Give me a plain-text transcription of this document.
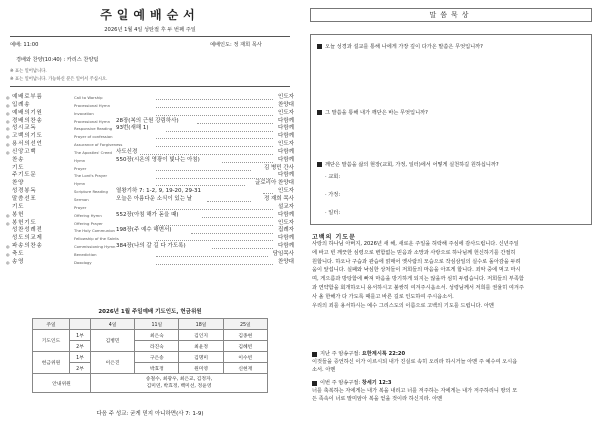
주일예배순서
2026년 1월 4일 성탄절 후 두 번째 주일
예배: 11:00	예배인도: 정 재희 목사
경배와 찬양(10:40) : 카리스 찬양팀
※ 표는 일어납니다.
※ 표는 일어납니다. 가능하신 분은 일어서 주십시오.
◎ 예배로부름	Call to Worship	인도자
◎ 입례송	Processional Hymn	찬양대
◎ 예배의기원	Invocation	인도자
◎ 경배의찬송	Processional Hymn 28장(복의 근원 강림하사)	다함께
◎ 성시교독	Responsive Reading 93번(새해 1)	다함께
◎ 고백의기도	Prayer of confession	다함께
◎ 용서의선언	Assurance of Forgiveness	인도자
◎ 신앙고백	The Apostles' Creed 사도신경	다함께
찬송	Hymn	550장(시온의 영광이 빛나는 아침)	다함께
기도	Prayer	김 병민 간사
주기도문	The Lord's Prayer	다함께
찬양	Hymn	글로리아 찬양대
성경봉독	Scripture Reading 열왕기하 7: 1-2, 9, 19-20, 29-31	인도자
말씀선포	Sermon	오늘은 아름다운 소식이 있는 날	정 재희 목사
기도	Prayer	설교자
◎ 봉헌	Offering Hymn	552장(아침 해가 돋을 때)	다함께
◎ 봉헌기도	Offering Prayer	인도자
성찬성례전	The Holy Communion 198장(주 예수 해변서)	집례자
성도의교제	Fellowship of the Saints	다함께
◎ 파송의찬송	Commissioning Hymn 384장(나의 갈 길 다 가도록)	다함께
◎ 축도	Benediction	담임목사
◎ 송영	Doxology	찬양대
2026년 1월 주일예배 기도인도, 헌금위원
주일		4일	11일	18일	25일
기도인도	1부	김병민	최은숙	김인지	김종현
	2부		라진숙	최윤정	김혜빈
헌금위원	1부	이은진	구은송	김명미	이수빈
	2부		박효정	원미영	신현재
안내위원		송철수, 최광우, 최은교, 김정자,
김미연, 박효정, 백미선, 정윤영			
다음 주 성교: 굳게 믿지 아니하면(사 7: 1-9)
말씀묵상
오늘 성경과 설교를 통해 나에게 가장 깊이 다가온 말씀은 무엇입니까?
그 말씀을 통해 내가 깨닫은 바는 무엇입니까?
깨닫은 말씀을 삶의 현장(교회, 가정, 일터)에서 어떻게 실천하길 원하십니까?
· 교회:
· 가정:
· 일터:
고백의 기도문
사랑의 하나님 아버지, 2026년 새 해, 새로운 주일을 허락해 주심에 감사드립니다. 신년주일
에 바고 빈 깨끗한 심령으로 변함없는 믿음과 소망과 사랑으로 하나님께 헌신하기를 간절히
원합니다. 하오나 구습과 관습에 얽매어 옛사람의 모습으로 작심삼일의 실수로 돌아감을 두려
움이 앞섭니다. 실패와 낙심한 상처들이 저희들의 마음을 아프게 합니다. 죄악 중에 먹고 마시
며, 게으름과 방탕함에 빠져 마음을 방기하게 되지는 않을까 심히 두렵습니다. 저희들의 부족함
과 연약함을 회개하오니 용서하시고 불쌍히 여겨주시옵소서. 성령님께서 저희를 권율히 여겨주
사 올 한해가 다 가도록 때를고 바른 길로 인도하여 주시옵소서.
우리의 죄를 용서하시는 예수 그리스도의 이름으로 고백의 기도를 드립니다. 아멘
지난 주 암송구절: 요한계시록 22:20
이것들을 증언하신 이가 이르시되 내가 진실로 속히 오리라 하시거늘 아멘 주 예수여 오시옵
소서. 아멘
이번 주 암송구절: 창세기 12:3
너를 축복하는 자에게는 내가 복을 내리고 너를 저주하는 자에게는 내가 저주하리니 땅의 모
든 족속이 너로 말미암아 복을 얻을 것이라 하신지라. 아멘
